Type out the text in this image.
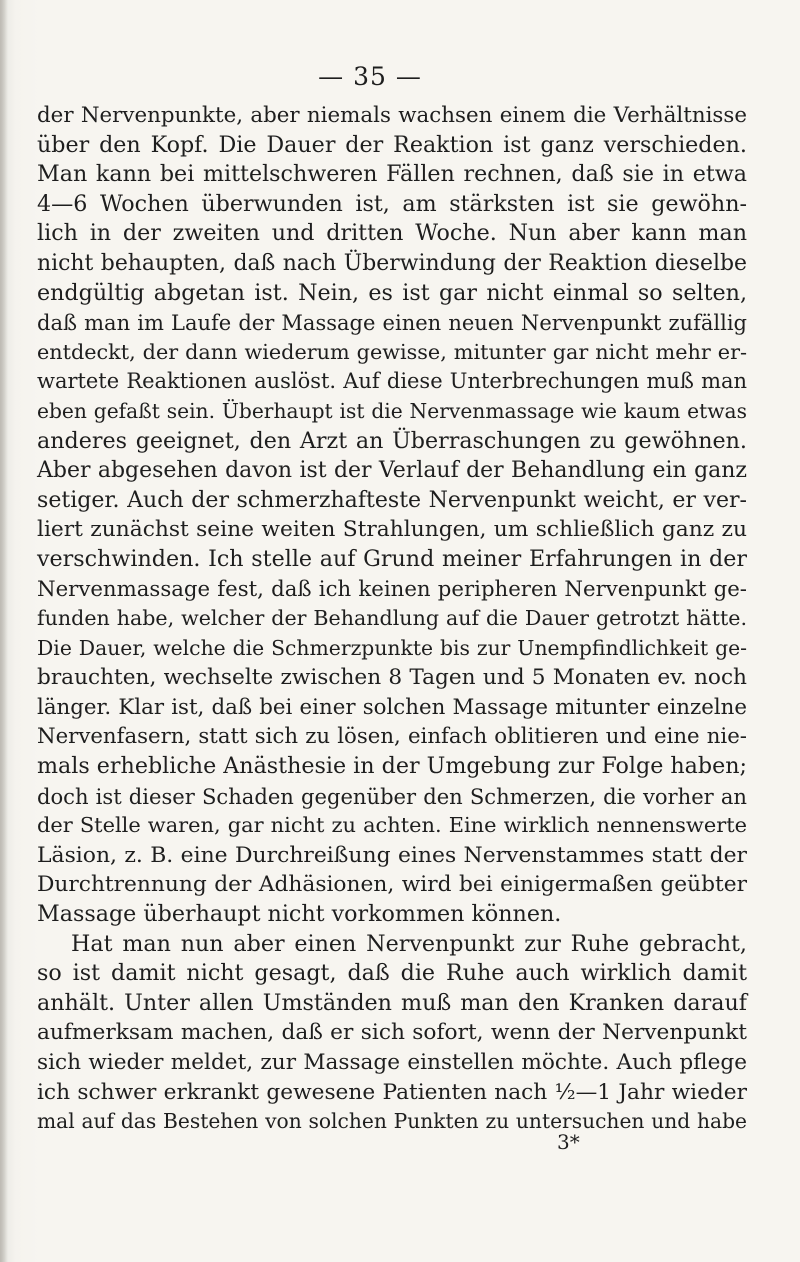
— 35 —
der Nervenpunkte, aber niemals wachsen einem die Verhältnisse
über den Kopf. Die Dauer der Reaktion ist ganz verschieden.
Man kann bei mittelschweren Fällen rechnen, daß sie in etwa
4—6 Wochen überwunden ist, am stärksten ist sie gewöhn-
lich in der zweiten und dritten Woche. Nun aber kann man
nicht behaupten, daß nach Überwindung der Reaktion dieselbe
endgültig abgetan ist. Nein, es ist gar nicht einmal so selten,
daß man im Laufe der Massage einen neuen Nervenpunkt zufällig
entdeckt, der dann wiederum gewisse, mitunter gar nicht mehr er-
wartete Reaktionen auslöst. Auf diese Unterbrechungen muß man
eben gefaßt sein. Überhaupt ist die Nervenmassage wie kaum etwas
anderes geeignet, den Arzt an Überraschungen zu gewöhnen.
Aber abgesehen davon ist der Verlauf der Behandlung ein ganz
setiger. Auch der schmerzhafteste Nervenpunkt weicht, er ver-
liert zunächst seine weiten Strahlungen, um schließlich ganz zu
verschwinden. Ich stelle auf Grund meiner Erfahrungen in der
Nervenmassage fest, daß ich keinen peripheren Nervenpunkt ge-
funden habe, welcher der Behandlung auf die Dauer getrotzt hätte.
Die Dauer, welche die Schmerzpunkte bis zur Unempfindlichkeit ge-
brauchten, wechselte zwischen 8 Tagen und 5 Monaten ev. noch
länger. Klar ist, daß bei einer solchen Massage mitunter einzelne
Nervenfasern, statt sich zu lösen, einfach oblitieren und eine nie-
mals erhebliche Anästhesie in der Umgebung zur Folge haben;
doch ist dieser Schaden gegenüber den Schmerzen, die vorher an
der Stelle waren, gar nicht zu achten. Eine wirklich nennenswerte
Läsion, z. B. eine Durchreißung eines Nervenstammes statt der
Durchtrennung der Adhäsionen, wird bei einigermaßen geübter
Massage überhaupt nicht vorkommen können.
Hat man nun aber einen Nervenpunkt zur Ruhe gebracht,
so ist damit nicht gesagt, daß die Ruhe auch wirklich damit
anhält. Unter allen Umständen muß man den Kranken darauf
aufmerksam machen, daß er sich sofort, wenn der Nervenpunkt
sich wieder meldet, zur Massage einstellen möchte. Auch pflege
ich schwer erkrankt gewesene Patienten nach ½—1 Jahr wieder
mal auf das Bestehen von solchen Punkten zu untersuchen und habe
3*
